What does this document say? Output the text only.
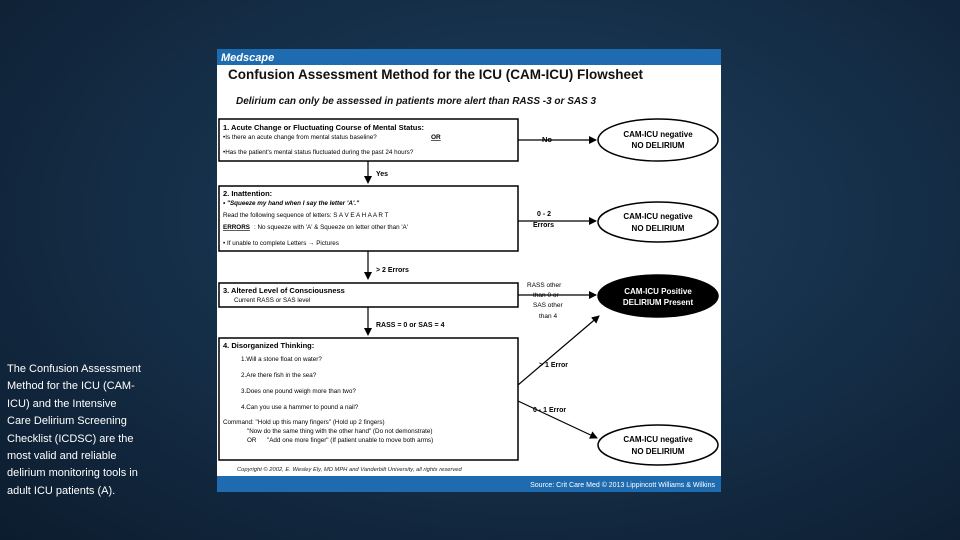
The Confusion Assessment Method for the ICU (CAM-ICU) and the Intensive Care Delirium Screening Checklist (ICDSC) are the most valid and reliable delirium monitoring tools in adult ICU patients (A).
Medscape
Confusion Assessment Method for the ICU (CAM-ICU) Flowsheet
Delirium can only be assessed in patients more alert than RASS -3 or SAS 3
1. Acute Change or Fluctuating Course of Mental Status:
•Is there an acute change from mental status baseline?	OR
•Has the patient's mental status fluctuated during the past 24 hours?
Yes
2. Inattention:
• "Squeeze my hand when I say the letter 'A'."
Read the following sequence of letters: S A V E A H A A R T
ERRORS : No squeeze with 'A' & Squeeze on letter other than 'A'
• If unable to complete Letters → Pictures
> 2 Errors
3. Altered Level of Consciousness
Current RASS or SAS level
RASS = 0 or SAS = 4
4. Disorganized Thinking:
1.Will a stone float on water?
2.Are there fish in the sea?
3.Does one pound weigh more than two?
4.Can you use a hammer to pound a nail?
Command: "Hold up this many fingers" (Hold up 2 fingers)
"Now do the same thing with the other hand" (Do not demonstrate)
OR "Add one more finger" (If patient unable to move both arms)
No
0 - 2
Errors
RASS other
than 0 or
SAS other
than 4
> 1 Error
0 - 1 Error
CAM-ICU negative
NO DELIRIUM
CAM-ICU negative
NO DELIRIUM
CAM-ICU Positive
DELIRIUM Present
CAM-ICU negative
NO DELIRIUM
Copyright © 2002, E. Wesley Ely, MD MPH and Vanderbilt University, all rights reserved
Source: Crit Care Med © 2013 Lippincott Williams & Wilkins
